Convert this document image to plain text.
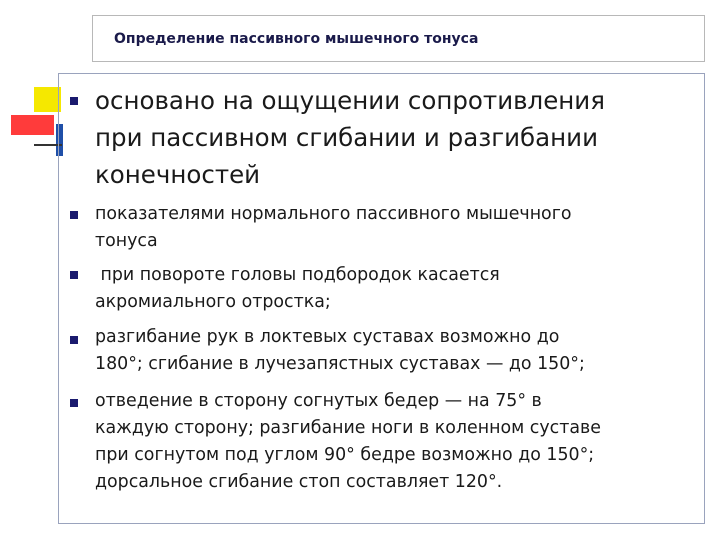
Определение пассивного мышечного тонуса
основано на ощущении сопротивления
при пассивном сгибании и разгибании
конечностей
показателями нормального пассивного мышечного
тонуса
при повороте головы подбородок касается
акромиального отростка;
разгибание рук в локтевых суставах возможно до
180°; сгибание в лучезапястных суставах — до 150°;
отведение в сторону согнутых бедер — на 75° в
каждую сторону; разгибание ноги в коленном суставе
при согнутом под углом 90° бедре возможно до 150°;
дорсальное сгибание стоп составляет 120°.
